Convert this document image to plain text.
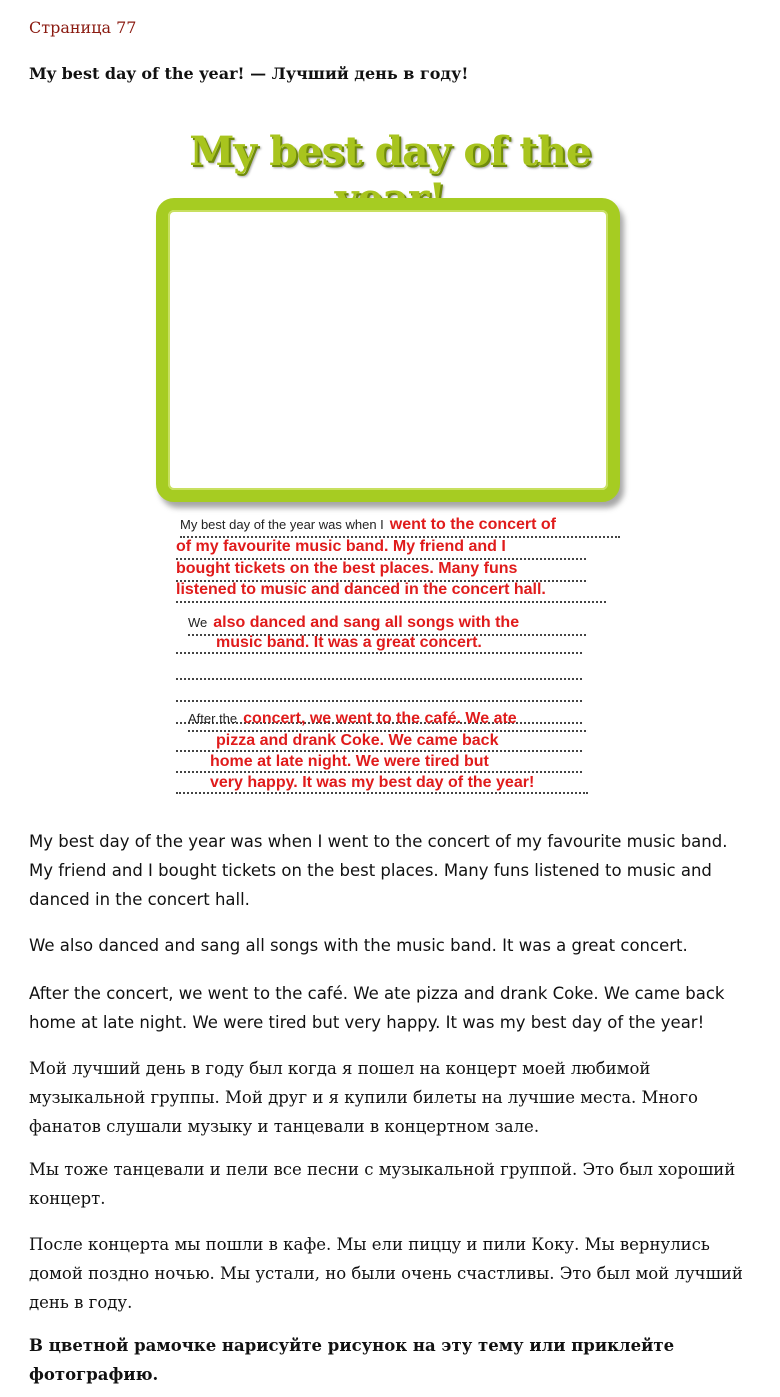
Страница 77

My best day of the year! — Лучший день в году!

My best day of the
My best day of the year was when I went to the concert of
of my favourite music band. My friend and I
bought tickets on the best places. Many funs
listened to music and danced in the concert hall.
We also danced and sang all songs with the
music band. It was a great concert.
After the concert, we went to the café. We ate
pizza and drank Coke. We came back
home at late night. We were tired but
very happy. It was my best day of the year!

My best day of the year was when I went to the concert of my favourite music band. My friend and I bought tickets on the best places. Many funs listened to music and danced in the concert hall.

We also danced and sang all songs with the music band. It was a great concert.

After the concert, we went to the café. We ate pizza and drank Coke. We came back home at late night. We were tired but very happy. It was my best day of the year!

Мой лучший день в году был когда я пошел на концерт моей любимой музыкальной группы. Мой друг и я купили билеты на лучшие места. Много фанатов слушали музыку и танцевали в концертном зале.

Мы тоже танцевали и пели все песни с музыкальной группой. Это был хороший концерт.

После концерта мы пошли в кафе. Мы ели пиццу и пили Коку. Мы вернулись домой поздно ночью. Мы устали, но были очень счастливы. Это был мой лучший день в году.

В цветной рамочке нарисуйте рисунок на эту тему или приклейте фотографию.
